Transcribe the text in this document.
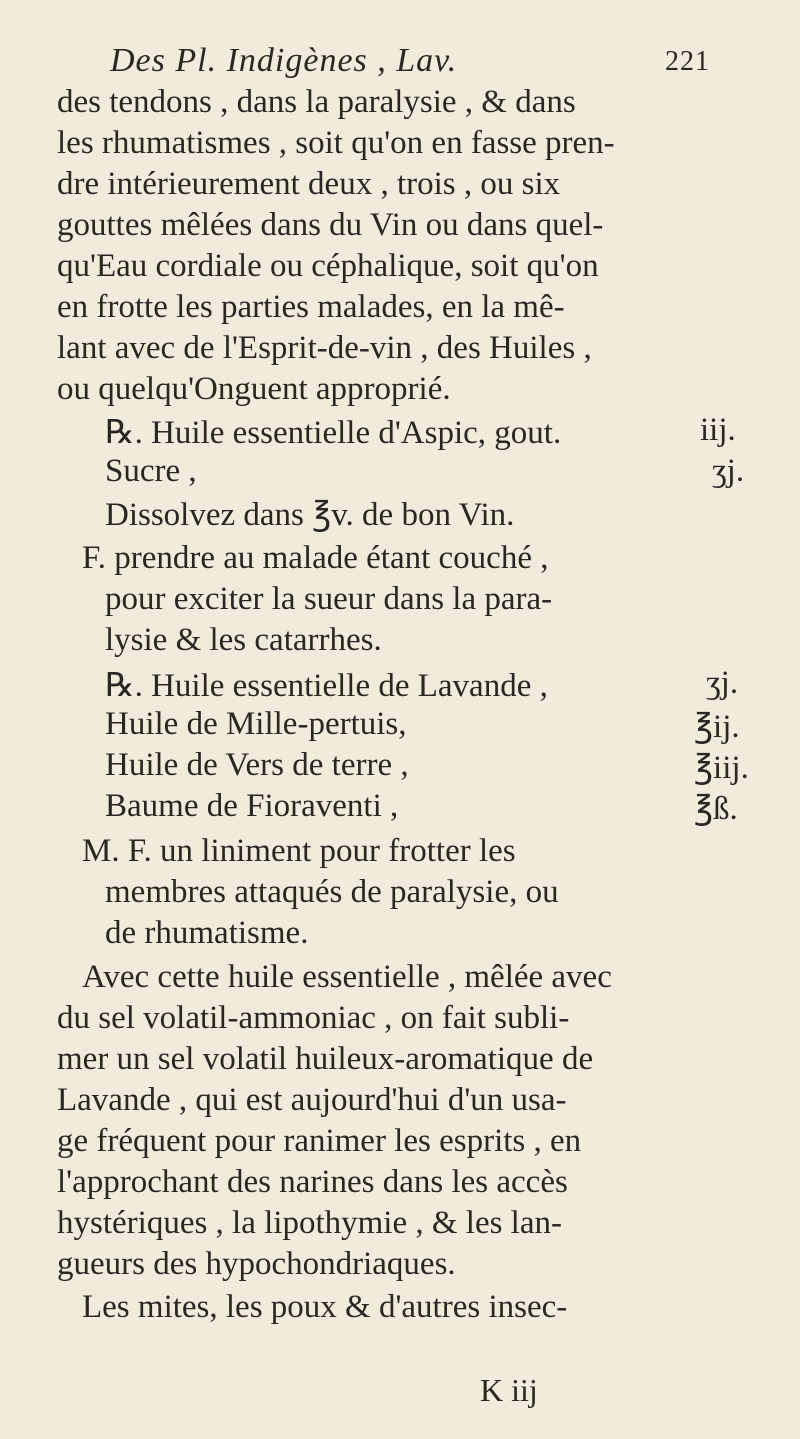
Des Pl. Indigènes , Lav.	221
des tendons , dans la paralysie , & dans
les rhumatismes , soit qu'on en fasse pren-
dre intérieurement deux , trois , ou six
gouttes mêlées dans du Vin ou dans quel-
qu'Eau cordiale ou céphalique, soit qu'on
en frotte les parties malades, en la mê-
lant avec de l'Esprit-de-vin , des Huiles ,
ou quelqu'Onguent approprié.
℞. Huile essentielle d'Aspic, gout.	iij.
Sucre ,	ʒj.
Dissolvez dans ℥v. de bon Vin.
F. prendre au malade étant couché ,
pour exciter la sueur dans la para-
lysie & les catarrhes.
℞. Huile essentielle de Lavande ,	ʒj.
Huile de Mille-pertuis,	℥ij.
Huile de Vers de terre ,	℥iij.
Baume de Fioraventi ,	℥ß.
M. F. un liniment pour frotter les
membres attaqués de paralysie, ou
de rhumatisme.
Avec cette huile essentielle , mêlée avec
du sel volatil-ammoniac , on fait subli-
mer un sel volatil huileux-aromatique de
Lavande , qui est aujourd'hui d'un usa-
ge fréquent pour ranimer les esprits , en
l'approchant des narines dans les accès
hystériques , la lipothymie , & les lan-
gueurs des hypochondriaques.
Les mites, les poux & d'autres insec-
K iij
